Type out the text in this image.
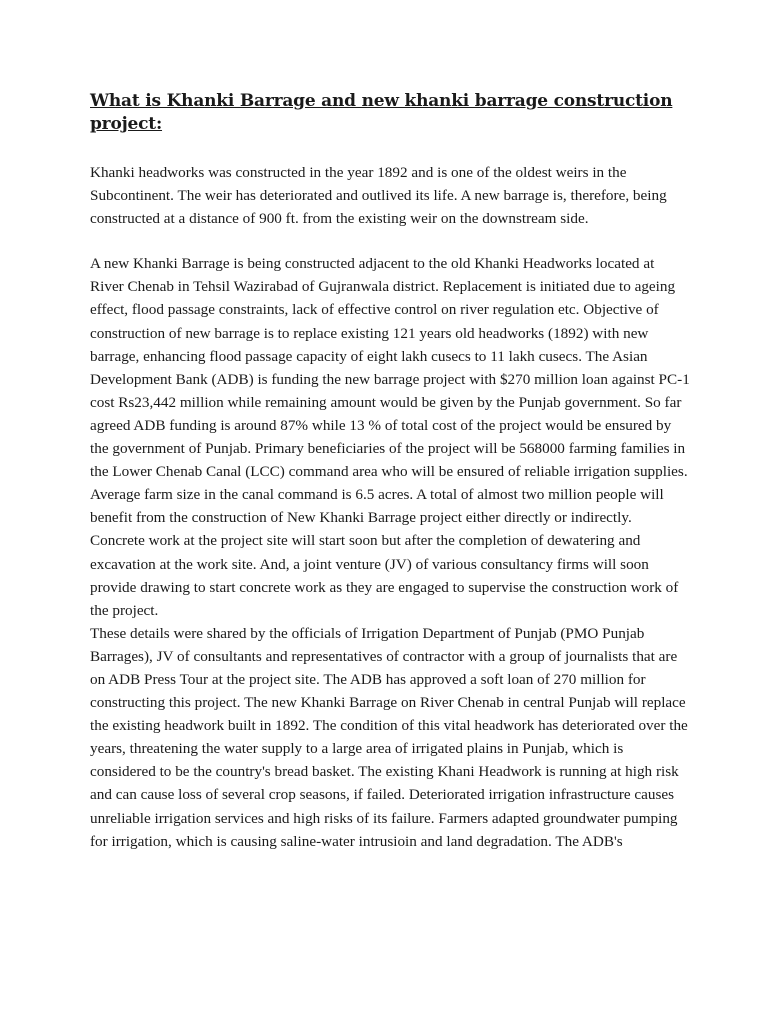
What is Khanki Barrage and new khanki barrage construction project:

Khanki headworks was constructed in the year 1892 and is one of the oldest weirs in the Subcontinent. The weir has deteriorated and outlived its life. A new barrage is, therefore, being constructed at a distance of 900 ft. from the existing weir on the downstream side.

A new Khanki Barrage is being constructed adjacent to the old Khanki Headworks located at River Chenab in Tehsil Wazirabad of Gujranwala district. Replacement is initiated due to ageing effect, flood passage constraints, lack of effective control on river regulation etc. Objective of construction of new barrage is to replace existing 121 years old headworks (1892) with new barrage, enhancing flood passage capacity of eight lakh cusecs to 11 lakh cusecs. The Asian Development Bank (ADB) is funding the new barrage project with $270 million loan against PC-1 cost Rs23,442 million while remaining amount would be given by the Punjab government. So far agreed ADB funding is around 87% while 13 % of total cost of the project would be ensured by the government of Punjab. Primary beneficiaries of the project will be 568000 farming families in the Lower Chenab Canal (LCC) command area who will be ensured of reliable irrigation supplies. Average farm size in the canal command is 6.5 acres. A total of almost two million people will benefit from the construction of New Khanki Barrage project either directly or indirectly. Concrete work at the project site will start soon but after the completion of dewatering and excavation at the work site. And, a joint venture (JV) of various consultancy firms will soon provide drawing to start concrete work as they are engaged to supervise the construction work of the project.

These details were shared by the officials of Irrigation Department of Punjab (PMO Punjab Barrages), JV of consultants and representatives of contractor with a group of journalists that are on ADB Press Tour at the project site. The ADB has approved a soft loan of 270 million for constructing this project. The new Khanki Barrage on River Chenab in central Punjab will replace the existing headwork built in 1892. The condition of this vital headwork has deteriorated over the years, threatening the water supply to a large area of irrigated plains in Punjab, which is considered to be the country's bread basket. The existing Khani Headwork is running at high risk and can cause loss of several crop seasons, if failed. Deteriorated irrigation infrastructure causes unreliable irrigation services and high risks of its failure. Farmers adapted groundwater pumping for irrigation, which is causing saline-water intrusioin and land degradation. The ADB's
